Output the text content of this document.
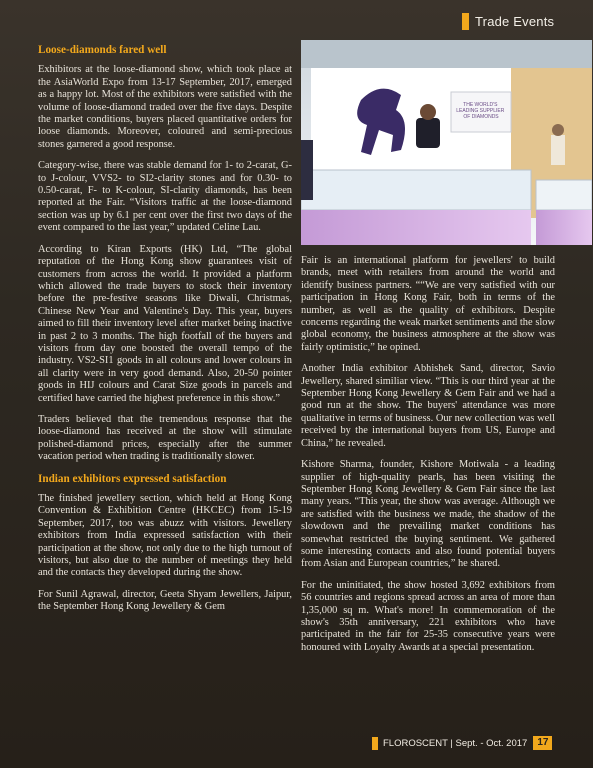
Trade Events
Loose-diamonds fared well

Exhibitors at the loose-diamond show, which took place at the AsiaWorld Expo from 13-17 September, 2017, emerged as a happy lot. Most of the exhibitors were satisfied with the volume of loose-diamond traded over the five days. Despite the market conditions, buyers placed quantitative orders for loose diamonds. Moreover, coloured and semi-precious stones garnered a good response.

Category-wise, there was stable demand for 1- to 2-carat, G- to J-colour, VVS2- to SI2-clarity stones and for 0.30- to 0.50-carat, F- to K-colour, SI-clarity diamonds, has been reported at the Fair. “Visitors traffic at the loose-diamond section was up by 6.1 per cent over the first two days of the event compared to the last year,” updated Celine Lau.

According to Kiran Exports (HK) Ltd, “The global reputation of the Hong Kong show guarantees visit of customers from across the world. It provided a platform which allowed the trade buyers to stock their inventory before the pre-festive seasons like Diwali, Christmas, Chinese New Year and Valentine's Day. This year, buyers aimed to fill their inventory level after market being inactive in past 2 to 3 months. The high footfall of the buyers and visitors from day one boosted the overall tempo of the industry. VS2-SI1 goods in all colours and lower colours in all clarity were in very good demand. Also, 20-50 pointer goods in HIJ colours and Carat Size goods in parcels and certified have carried the highest preference in this show.”

Traders believed that the tremendous response that the loose-diamond has received at the show will stimulate polished-diamond prices, especially after the summer vacation period when trading is traditionally slower.

Indian exhibitors expressed satisfaction

The finished jewellery section, which held at Hong Kong Convention & Exhibition Centre (HKCEC) from 15-19 September, 2017, too was abuzz with visitors. Jewellery exhibitors from India expressed satisfaction with their participation at the show, not only due to the high turnout of visitors, but also due to the number of meetings they held and the contacts they developed during the show.

For Sunil Agrawal, director, Geeta Shyam Jewellers, Jaipur, the September Hong Kong Jewellery & Gem

THE WORLD'S LEADING SUPPLIER OF DIAMONDS

Fair is an international platform for jewellers' to build brands, meet with retailers from around the world and identify business partners. ““We are very satisfied with our participation in Hong Kong Fair, both in terms of the number, as well as the quality of exhibitors. Despite concerns regarding the weak market sentiments and the slow global economy, the business atmosphere at the show was fairly optimistic,” he opined.

Another India exhibitor Abhishek Sand, director, Savio Jewellery, shared similiar view. “This is our third year at the September Hong Kong Jewellery & Gem Fair and we had a good run at the show. The buyers' attendance was more qualitative in terms of business. Our new collection was well received by the international buyers from US, Europe and China,” he revealed.

Kishore Sharma, founder, Kishore Motiwala - a leading supplier of high-quality pearls, has been visiting the September Hong Kong Jewellery & Gem Fair since the last many years. “This year, the show was average. Although we are satisfied with the business we made, the shadow of the slowdown and the prevailing market conditions has somewhat restricted the buying sentiment. We gathered some interesting contacts and also found potential buyers from Asian and European countries,” he shared.

For the uninitiated, the show hosted 3,692 exhibitors from 56 countries and regions spread across an area of more than 1,35,000 sq m. What's more! In commemoration of the show's 35th anniversary, 221 exhibitors who have participated in the fair for 25-35 consecutive years were honoured with Loyalty Awards at a special presentation.

FLOROSCENT | Sept. - Oct. 2017	17
